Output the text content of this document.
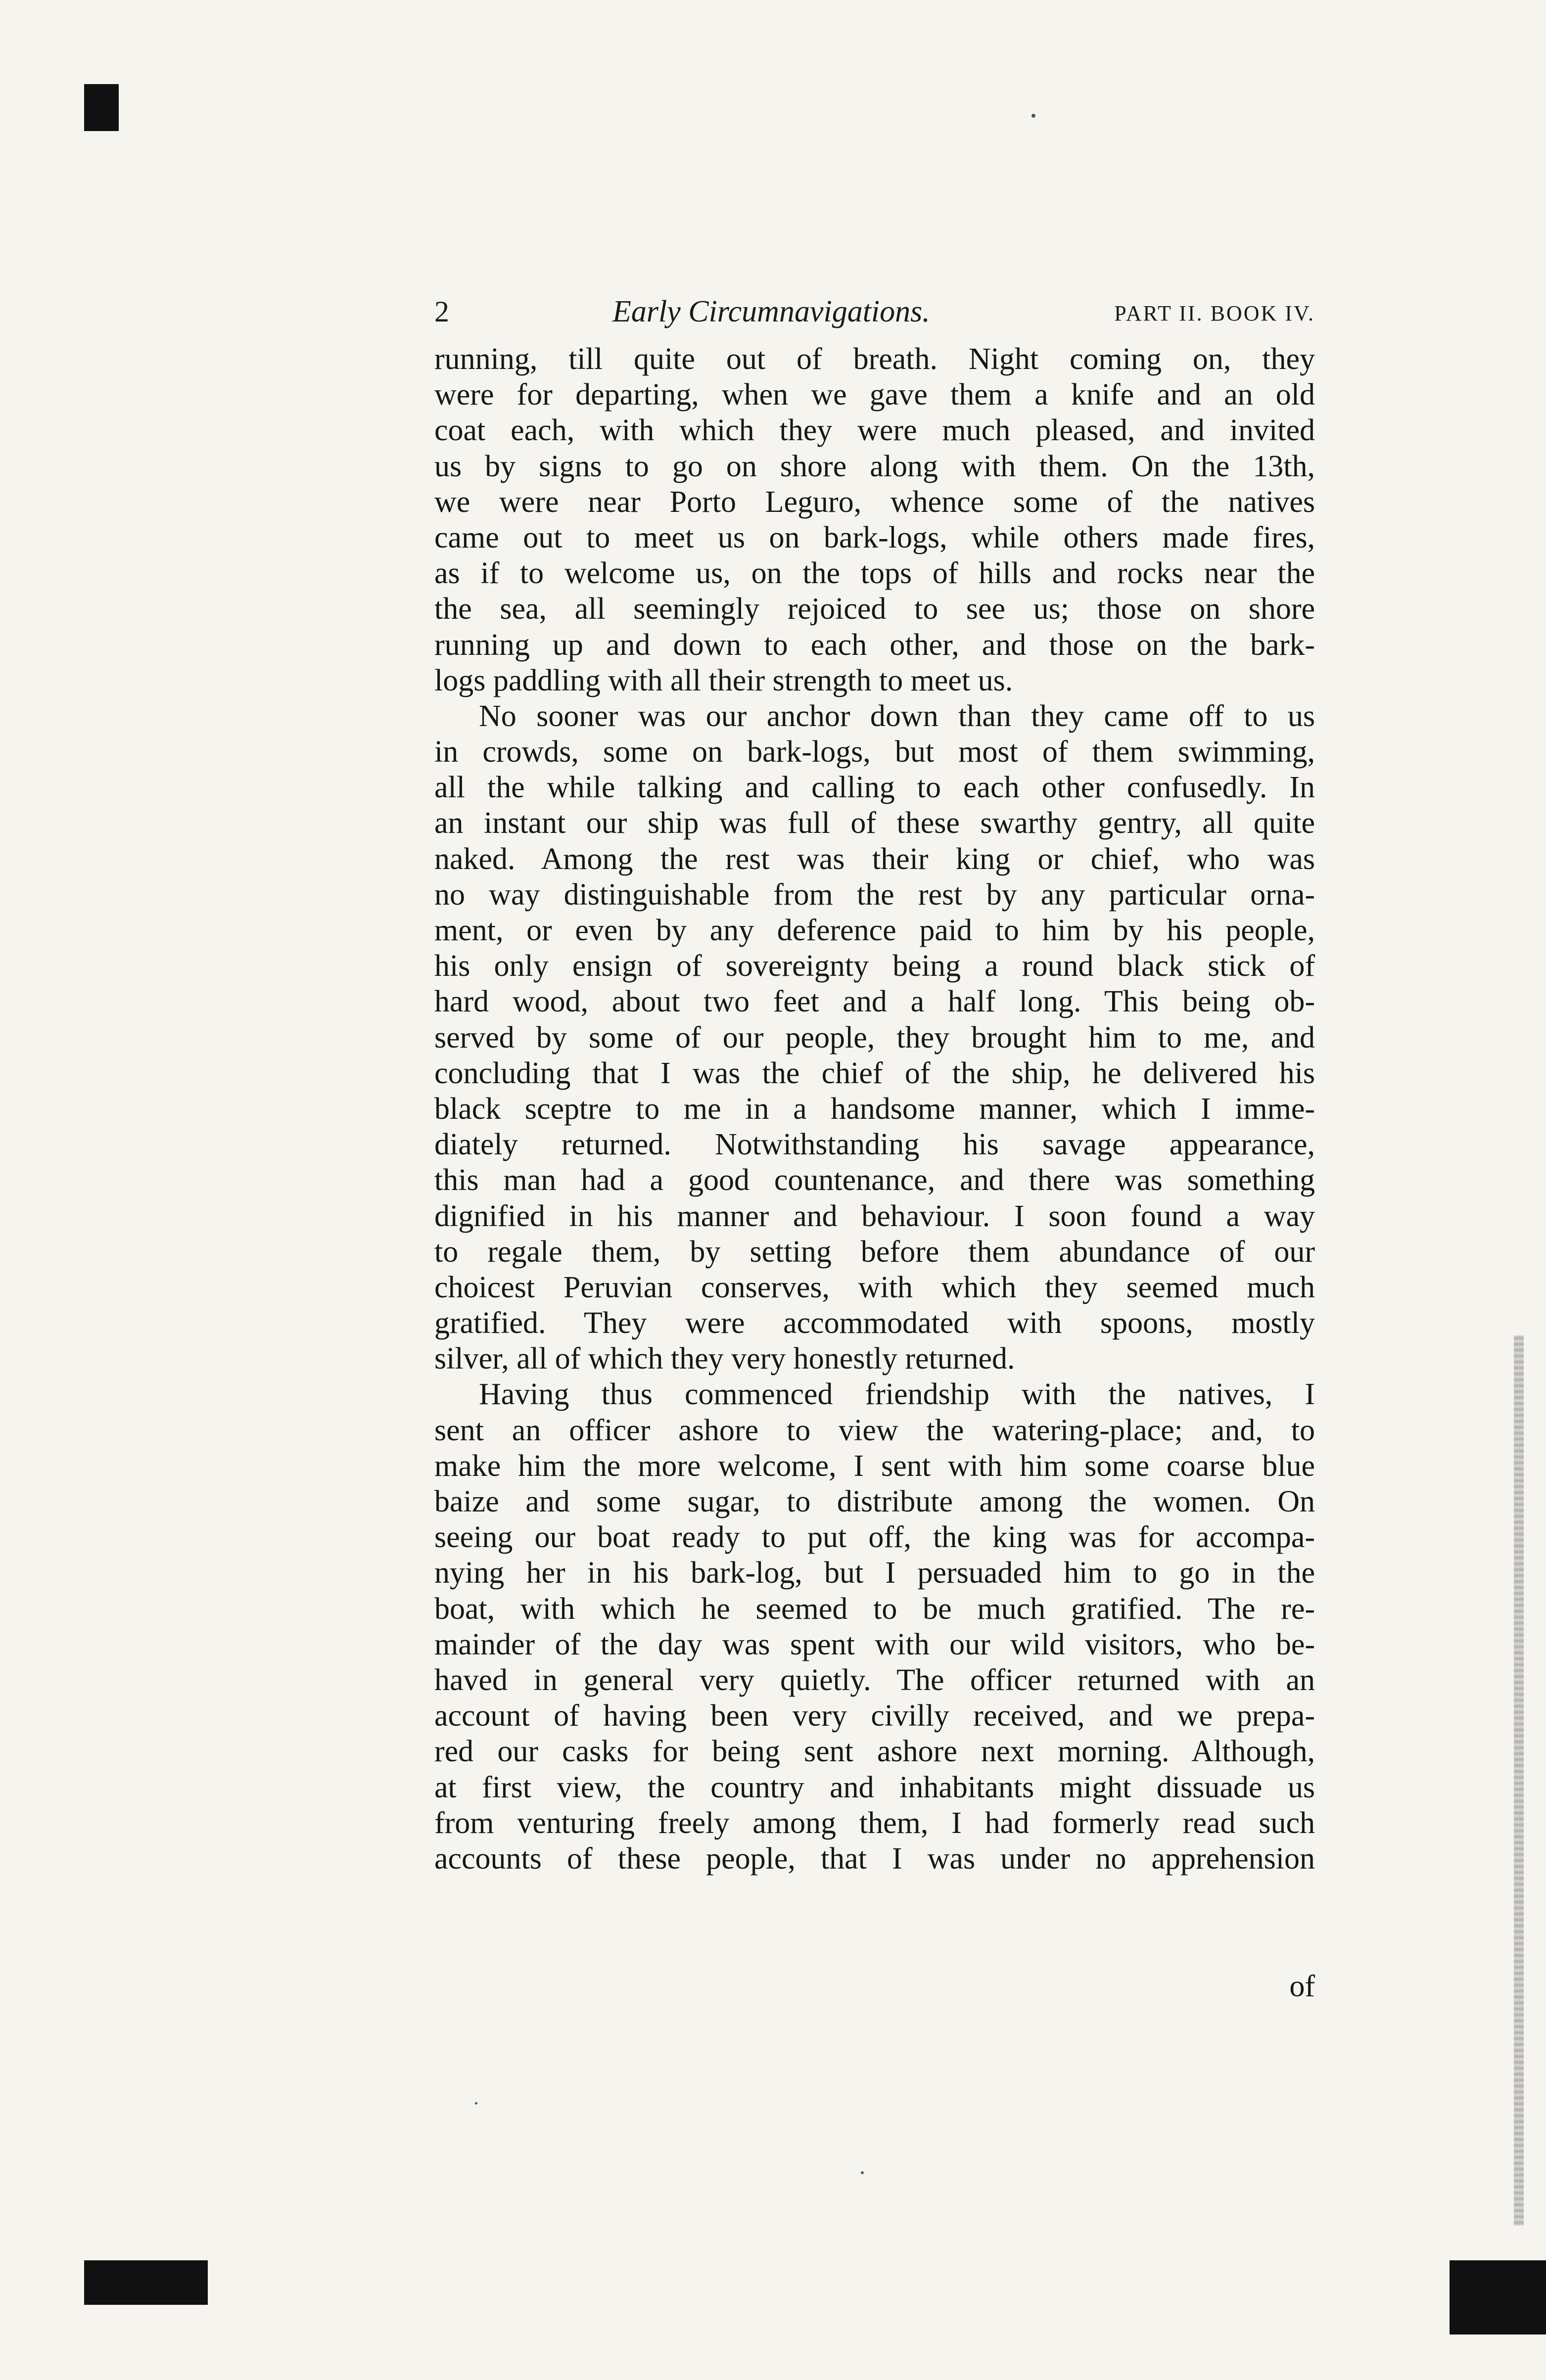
2	Early Circumnavigations.	PART II. BOOK IV.
running, till quite out of breath. Night coming on, they
were for departing, when we gave them a knife and an old
coat each, with which they were much pleased, and invited
us by signs to go on shore along with them. On the 13th,
we were near Porto Leguro, whence some of the natives
came out to meet us on bark-logs, while others made fires,
as if to welcome us, on the tops of hills and rocks near the
the sea, all seemingly rejoiced to see us; those on shore
running up and down to each other, and those on the bark-
logs paddling with all their strength to meet us.
No sooner was our anchor down than they came off to us
in crowds, some on bark-logs, but most of them swimming,
all the while talking and calling to each other confusedly. In
an instant our ship was full of these swarthy gentry, all quite
naked. Among the rest was their king or chief, who was
no way distinguishable from the rest by any particular orna-
ment, or even by any deference paid to him by his people,
his only ensign of sovereignty being a round black stick of
hard wood, about two feet and a half long. This being ob-
served by some of our people, they brought him to me, and
concluding that I was the chief of the ship, he delivered his
black sceptre to me in a handsome manner, which I imme-
diately returned. Notwithstanding his savage appearance,
this man had a good countenance, and there was something
dignified in his manner and behaviour. I soon found a way
to regale them, by setting before them abundance of our
choicest Peruvian conserves, with which they seemed much
gratified. They were accommodated with spoons, mostly
silver, all of which they very honestly returned.
Having thus commenced friendship with the natives, I
sent an officer ashore to view the watering-place; and, to
make him the more welcome, I sent with him some coarse blue
baize and some sugar, to distribute among the women. On
seeing our boat ready to put off, the king was for accompa-
nying her in his bark-log, but I persuaded him to go in the
boat, with which he seemed to be much gratified. The re-
mainder of the day was spent with our wild visitors, who be-
haved in general very quietly. The officer returned with an
account of having been very civilly received, and we prepa-
red our casks for being sent ashore next morning. Although,
at first view, the country and inhabitants might dissuade us
from venturing freely among them, I had formerly read such
accounts of these people, that I was under no apprehension
of
